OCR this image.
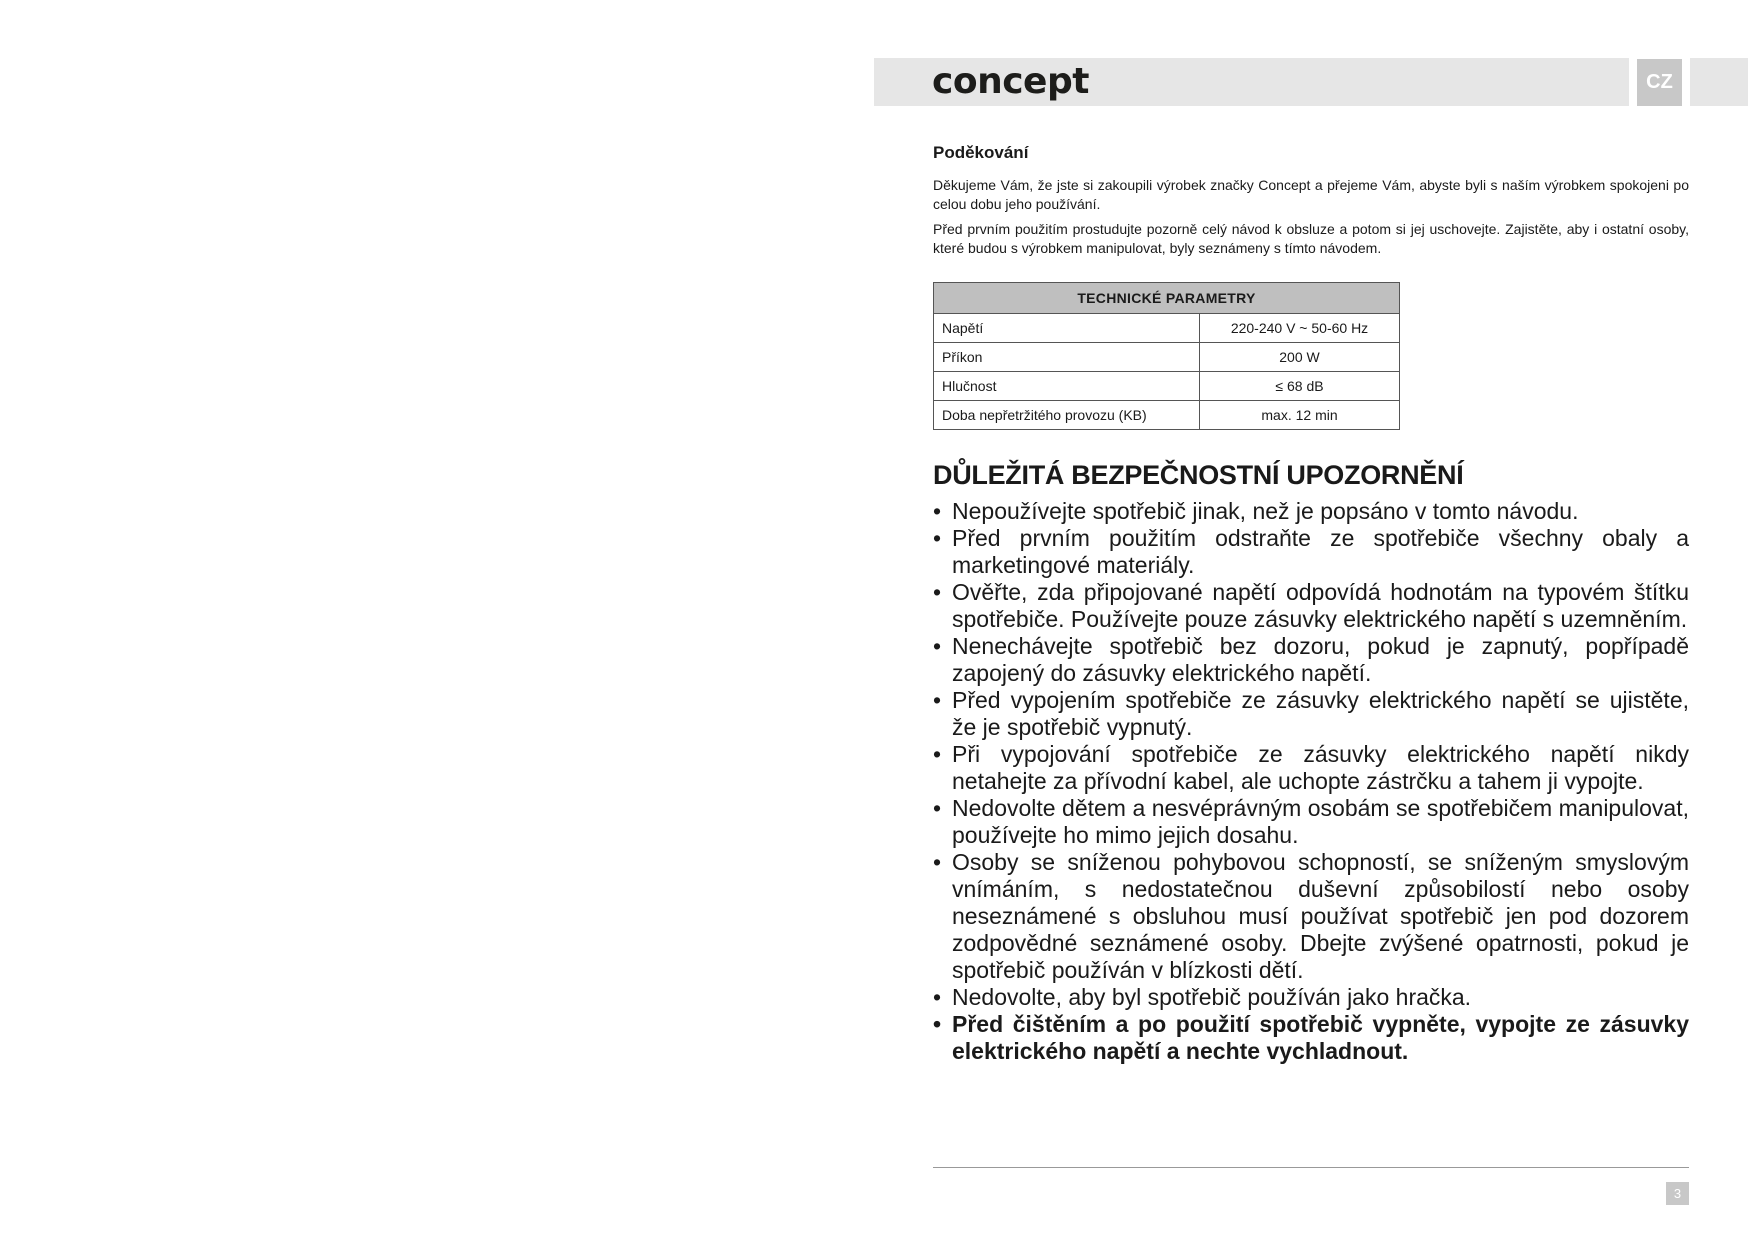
concept	CZ
Poděkování

Děkujeme Vám, že jste si zakoupili výrobek značky Concept a přejeme Vám, abyste byli s naším výrobkem spokojeni po celou dobu jeho používání.

Před prvním použitím prostudujte pozorně celý návod k obsluze a potom si jej uschovejte. Zajistěte, aby i ostatní osoby, které budou s výrobkem manipulovat, byly seznámeny s tímto návodem.

TECHNICKÉ PARAMETRY	
Napětí	220-240 V ~ 50-60 Hz
Příkon	200 W
Hlučnost	≤ 68 dB
Doba nepřetržitého provozu (KB)	max. 12 min
DŮLEŽITÁ BEZPEČNOSTNÍ UPOZORNĚNÍ
• Nepoužívejte spotřebič jinak, než je popsáno v tomto návodu.
• Před prvním použitím odstraňte ze spotřebiče všechny obaly a marketingové materiály.
• Ověřte, zda připojované napětí odpovídá hodnotám na typovém štítku spotřebiče. Používejte pouze zásuvky elektrického napětí s uzemněním.
• Nenechávejte spotřebič bez dozoru, pokud je zapnutý, popřípadě zapojený do zásuvky elektrického napětí.
• Před vypojením spotřebiče ze zásuvky elektrického napětí se ujistěte, že je spotřebič vypnutý.
• Při vypojování spotřebiče ze zásuvky elektrického napětí nikdy netahejte za přívodní kabel, ale uchopte zástrčku a tahem ji vypojte.
• Nedovolte dětem a nesvéprávným osobám se spotřebičem manipulovat, používejte ho mimo jejich dosahu.
• Osoby se sníženou pohybovou schopností, se sníženým smyslovým vnímáním, s nedostatečnou duševní způsobilostí nebo osoby neseznámené s obsluhou musí používat spotřebič jen pod dozorem zodpovědné seznámené osoby. Dbejte zvýšené opatrnosti, pokud je spotřebič používán v blízkosti dětí.
• Nedovolte, aby byl spotřebič používán jako hračka.
• Před čištěním a po použití spotřebič vypněte, vypojte ze zásuvky elektrického napětí a nechte vychladnout.
3
